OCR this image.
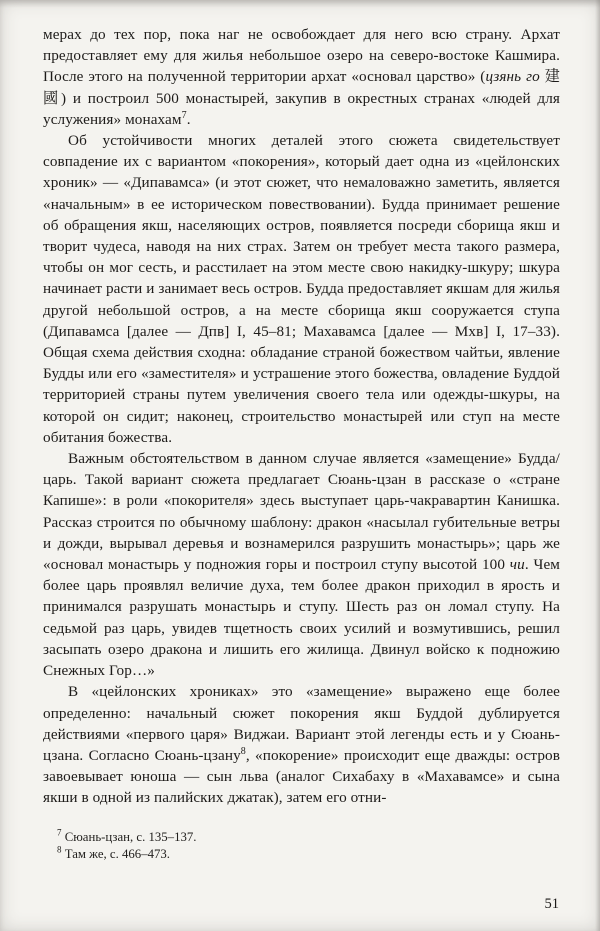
мерах до тех пор, пока наг не освобождает для него всю страну. Архат предоставляет ему для жилья небольшое озеро на северо-востоке Кашмира. После этого на полученной территории архат «основал царство» (цзянь го 建國) и построил 500 монастырей, закупив в окрестных странах «людей для услужения» монахам$^7$.

Об устойчивости многих деталей этого сюжета свидетельствует совпадение их с вариантом «покорения», который дает одна из «цейлонских хроник» — «Дипавамса» (и этот сюжет, что немаловажно заметить, является «начальным» в ее историческом повествовании). Будда принимает решение об обращения якш, населяющих остров, появляется посреди сборища якш и творит чудеса, наводя на них страх. Затем он требует места такого размера, чтобы он мог сесть, и расстилает на этом месте свою накидку-шкуру; шкура начинает расти и занимает весь остров. Будда предоставляет якшам для жилья другой небольшой остров, а на месте сборища якш сооружается ступа (Дипавамса [далее — Дпв] I, 45–81; Махавамса [далее — Мхв] I, 17–33). Общая схема действия сходна: обладание страной божеством чайтьи, явление Будды или его «заместителя» и устрашение этого божества, овладение Буддой территорией страны путем увеличения своего тела или одежды-шкуры, на которой он сидит; наконец, строительство монастырей или ступ на месте обитания божества.

Важным обстоятельством в данном случае является «замещение» Будда/царь. Такой вариант сюжета предлагает Сюань-цзан в рассказе о «стране Капише»: в роли «покорителя» здесь выступает царь-чакравартин Канишка. Рассказ строится по обычному шаблону: дракон «насылал губительные ветры и дожди, вырывал деревья и вознамерился разрушить монастырь»; царь же «основал монастырь у подножия горы и построил ступу высотой 100 чи. Чем более царь проявлял величие духа, тем более дракон приходил в ярость и принимался разрушать монастырь и ступу. Шесть раз он ломал ступу. На седьмой раз царь, увидев тщетность своих усилий и возмутившись, решил засыпать озеро дракона и лишить его жилища. Двинул войско к подножию Снежных Гор…»

В «цейлонских хрониках» это «замещение» выражено еще более определенно: начальный сюжет покорения якш Буддой дублируется действиями «первого царя» Виджаи. Вариант этой легенды есть и у Сюань-цзана. Согласно Сюань-цзану$^8$, «покорение» происходит еще дважды: остров завоевывает юноша — сын льва (аналог Сихабаху в «Махавамсе» и сына якши в одной из палийских джатак), затем его отни-

$^7$ Сюань-цзан, с. 135–137.

$^8$ Там же, с. 466–473.

51
